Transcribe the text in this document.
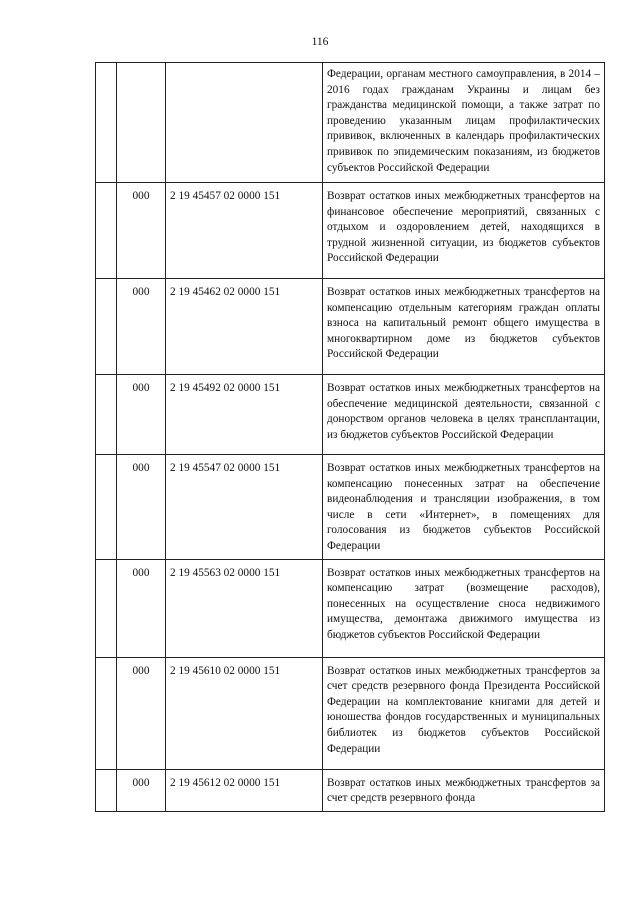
116
			Федерации, органам местного самоуправления, в 2014 –2016 годах гражданам Украины и лицам без гражданства медицинской помощи, а также затрат по проведению указанным лицам профилактических прививок, включенных в календарь профилактических прививок по эпидемическим показаниям, из бюджетов субъектов Российской Федерации
	000	2 19 45457 02 0000 151	Возврат остатков иных межбюджетных трансфертов на финансовое обеспечение мероприятий, связанных с отдыхом и оздоровлением детей, находящихся в трудной жизненной ситуации, из бюджетов субъектов Российской Федерации
	000	2 19 45462 02 0000 151	Возврат остатков иных межбюджетных трансфертов на компенсацию отдельным категориям граждан оплаты взноса на капитальный ремонт общего имущества в многоквартирном доме из бюджетов субъектов Российской Федерации
	000	2 19 45492 02 0000 151	Возврат остатков иных межбюджетных трансфертов на обеспечение медицинской деятельности, связанной с донорством органов человека в целях трансплантации, из бюджетов субъектов Российской Федерации
	000	2 19 45547 02 0000 151	Возврат остатков иных межбюджетных трансфертов на компенсацию понесенных затрат на обеспечение видеонаблюдения и трансляции изображения, в том числе в сети «Интернет», в помещениях для голосования из бюджетов субъектов Российской Федерации
	000	2 19 45563 02 0000 151	Возврат остатков иных межбюджетных трансфертов на компенсацию затрат (возмещение расходов), понесенных на осуществление сноса недвижимого имущества, демонтажа движимого имущества из бюджетов субъектов Российской Федерации
	000	2 19 45610 02 0000 151	Возврат остатков иных межбюджетных трансфертов за счет средств резервного фонда Президента Российской Федерации на комплектование книгами для детей и юношества фондов государственных и муниципальных библиотек из бюджетов субъектов Российской Федерации
	000	2 19 45612 02 0000 151	Возврат остатков иных межбюджетных трансфертов за счет средств резервного фонда
